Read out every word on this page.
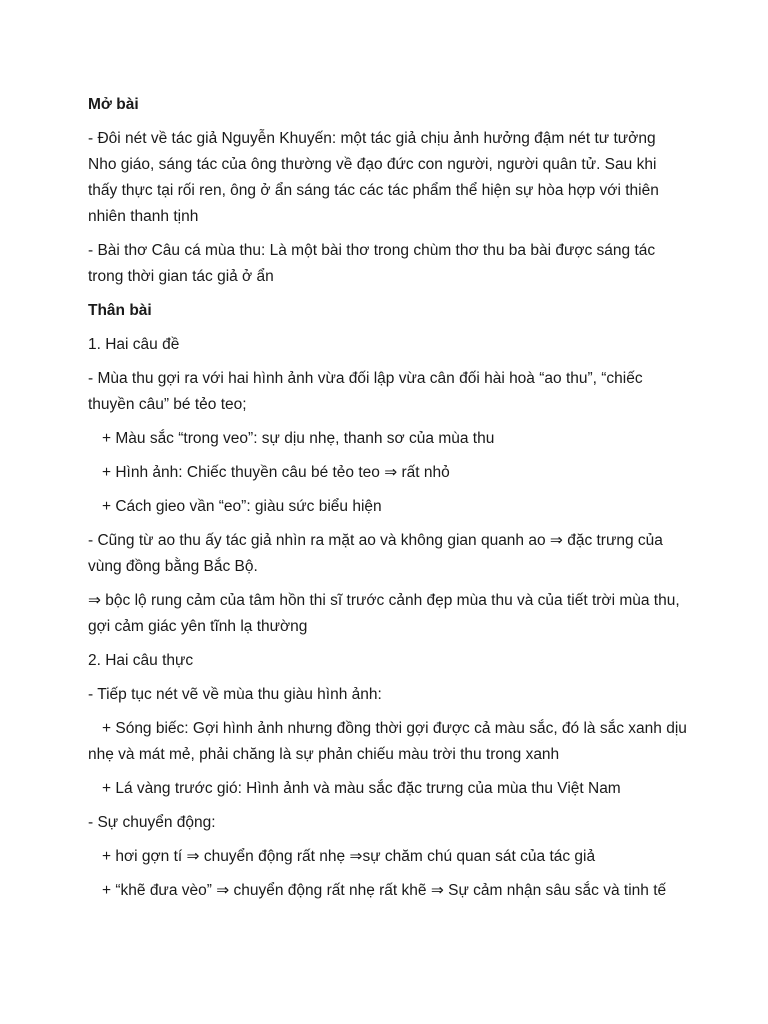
Mở bài

- Đôi nét về tác giả Nguyễn Khuyến: một tác giả chịu ảnh hưởng đậm nét tư tưởng Nho giáo, sáng tác của ông thường về đạo đức con người, người quân tử. Sau khi thấy thực tại rối ren, ông ở ẩn sáng tác các tác phẩm thể hiện sự hòa hợp với thiên nhiên thanh tịnh

- Bài thơ Câu cá mùa thu: Là một bài thơ trong chùm thơ thu ba bài được sáng tác trong thời gian tác giả ở ẩn

Thân bài

1. Hai câu đề

- Mùa thu gợi ra với hai hình ảnh vừa đối lập vừa cân đối hài hoà “ao thu”, “chiếc thuyền câu” bé tẻo teo;

+ Màu sắc “trong veo”: sự dịu nhẹ, thanh sơ của mùa thu

+ Hình ảnh: Chiếc thuyền câu bé tẻo teo ⇒ rất nhỏ

+ Cách gieo vần “eo”: giàu sức biểu hiện

- Cũng từ ao thu ấy tác giả nhìn ra mặt ao và không gian quanh ao ⇒ đặc trưng của vùng đồng bằng Bắc Bộ.

⇒ bộc lộ rung cảm của tâm hồn thi sĩ trước cảnh đẹp mùa thu và của tiết trời mùa thu, gợi cảm giác yên tĩnh lạ thường

2. Hai câu thực

- Tiếp tục nét vẽ về mùa thu giàu hình ảnh:

+ Sóng biếc: Gợi hình ảnh nhưng đồng thời gợi được cả màu sắc, đó là sắc xanh dịu nhẹ và mát mẻ, phải chăng là sự phản chiếu màu trời thu trong xanh

+ Lá vàng trước gió: Hình ảnh và màu sắc đặc trưng của mùa thu Việt Nam

- Sự chuyển động:

+ hơi gợn tí ⇒ chuyển động rất nhẹ ⇒sự chăm chú quan sát của tác giả

+ “khẽ đưa vèo” ⇒ chuyển động rất nhẹ rất khẽ ⇒ Sự cảm nhận sâu sắc và tinh tế
